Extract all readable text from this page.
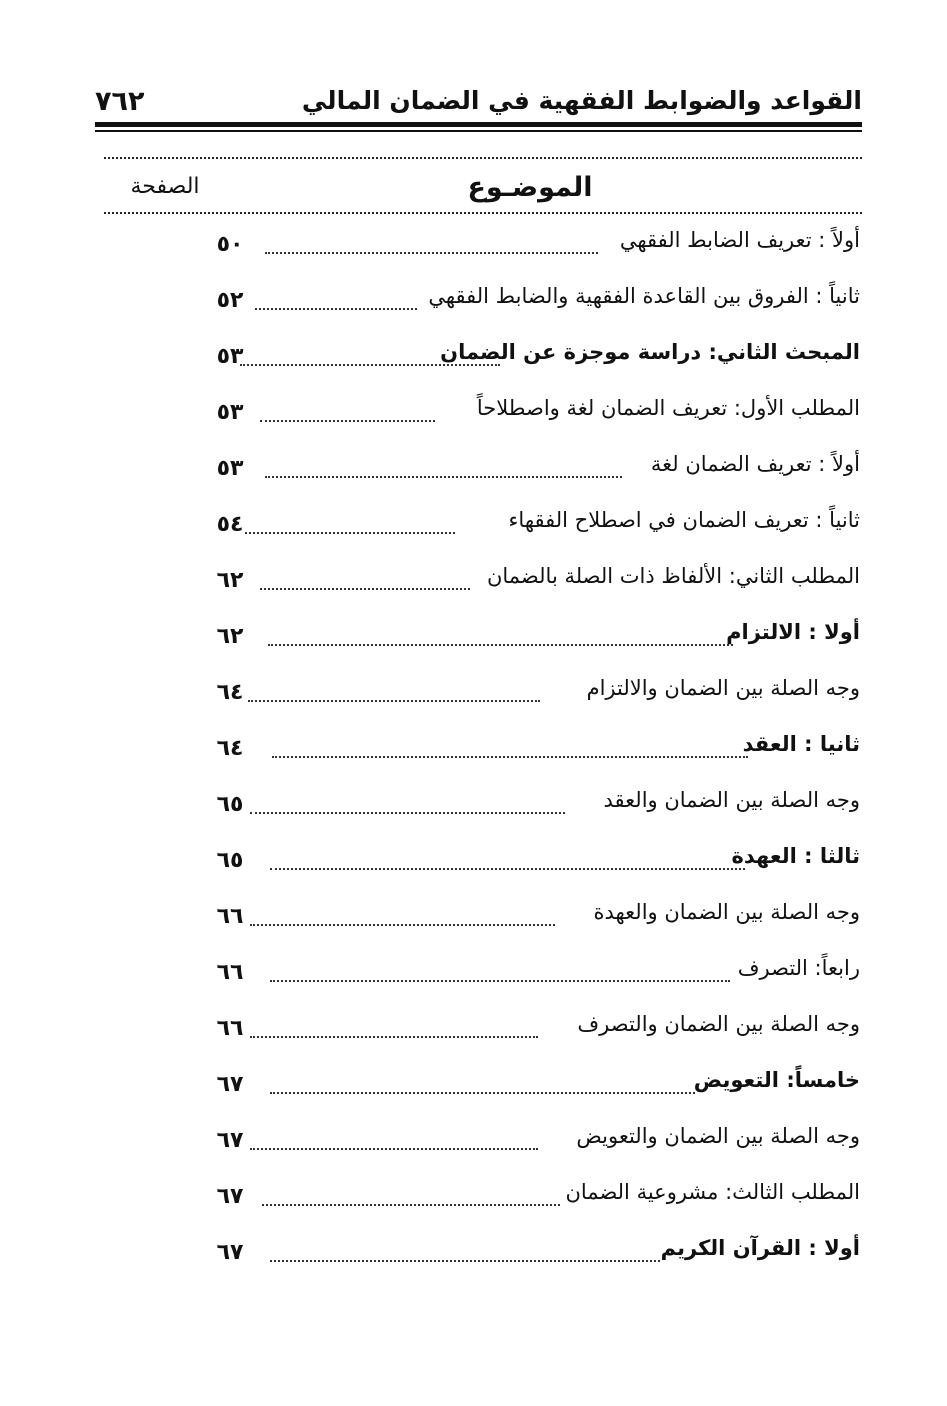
٧٦٢	القواعد والضوابط الفقهية في الضمان المالي
الموضـوع
الصفحة
٥٠	أولاً : تعريف الضابط الفقهي
٥٢	ثانياً : الفروق بين القاعدة الفقهية والضابط الفقهي
٥٣	المبحث الثاني: دراسة موجزة عن الضمان
٥٣	المطلب الأول: تعريف الضمان لغة واصطلاحاً
٥٣	أولاً : تعريف الضمان لغة
٥٤	ثانياً : تعريف الضمان في اصطلاح الفقهاء
٦٢	المطلب الثاني: الألفاظ ذات الصلة بالضمان
٦٢	أولا : الالتزام
٦٤	وجه الصلة بين الضمان والالتزام
٦٤	ثانيا : العقد
٦٥	وجه الصلة بين الضمان والعقد
٦٥	ثالثا : العهدة
٦٦	وجه الصلة بين الضمان والعهدة
٦٦	رابعاً: التصرف
٦٦	وجه الصلة بين الضمان والتصرف
٦٧	خامساً: التعويض
٦٧	وجه الصلة بين الضمان والتعويض
٦٧	المطلب الثالث: مشروعية الضمان
٦٧	أولا : القرآن الكريم
